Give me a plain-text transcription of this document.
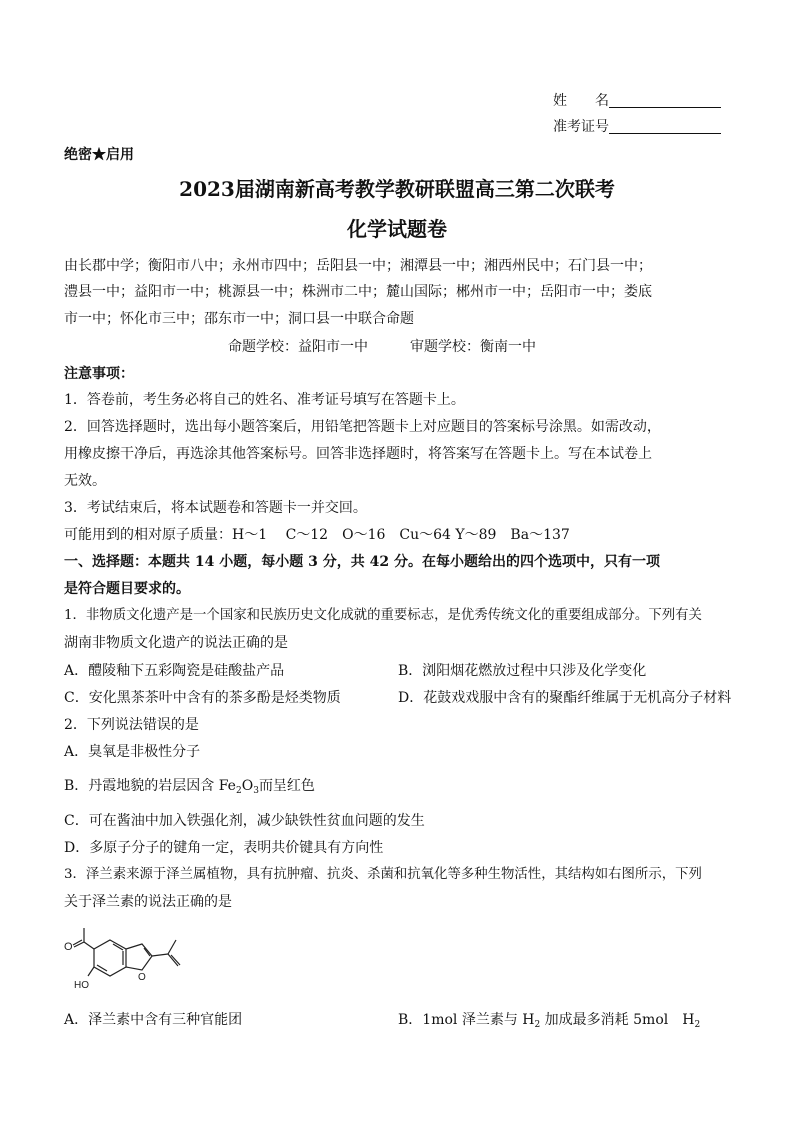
姓　　名
准考证号
绝密★启用
2023届湖南新高考教学教研联盟高三第二次联考
化学试题卷
由长郡中学；衡阳市八中；永州市四中；岳阳县一中；湘潭县一中；湘西州民中；石门县一中；
澧县一中；益阳市一中；桃源县一中；株洲市二中；麓山国际；郴州市一中；岳阳市一中；娄底
市一中；怀化市三中；邵东市一中；洞口县一中联合命题
命题学校：益阳市一中　　　审题学校：衡南一中
注意事项：
1．答卷前，考生务必将自己的姓名、准考证号填写在答题卡上。
2．回答选择题时，选出每小题答案后，用铅笔把答题卡上对应题目的答案标号涂黑。如需改动，
用橡皮擦干净后，再选涂其他答案标号。回答非选择题时，将答案写在答题卡上。写在本试卷上
无效。
3．考试结束后，将本试题卷和答题卡一并交回。
可能用到的相对原子质量：H～1　 C～12　O～16　Cu～64 Y～89　Ba～137
一、选择题：本题共 14 小题，每小题 3 分，共 42 分。在每小题给出的四个选项中，只有一项
是符合题目要求的。
1．非物质文化遗产是一个国家和民族历史文化成就的重要标志，是优秀传统文化的重要组成部分。下列有关
湖南非物质文化遗产的说法正确的是
A．醴陵釉下五彩陶瓷是硅酸盐产品	B．浏阳烟花燃放过程中只涉及化学变化
C．安化黑茶茶叶中含有的茶多酚是烃类物质	D．花鼓戏戏服中含有的聚酯纤维属于无机高分子材料
2．下列说法错误的是
A．臭氧是非极性分子
B．丹霞地貌的岩层因含 $Fe_2O_3$而呈红色
C．可在酱油中加入铁强化剂，减少缺铁性贫血问题的发生
D．多原子分子的键角一定，表明共价键具有方向性
3．泽兰素来源于泽兰属植物，具有抗肿瘤、抗炎、杀菌和抗氧化等多种生物活性，其结构如右图所示，下列
关于泽兰素的说法正确的是
O
HO
O
A．泽兰素中含有三种官能团	B．1mol 泽兰素与 $H_2$ 加成最多消耗 5mol　$H_2$
